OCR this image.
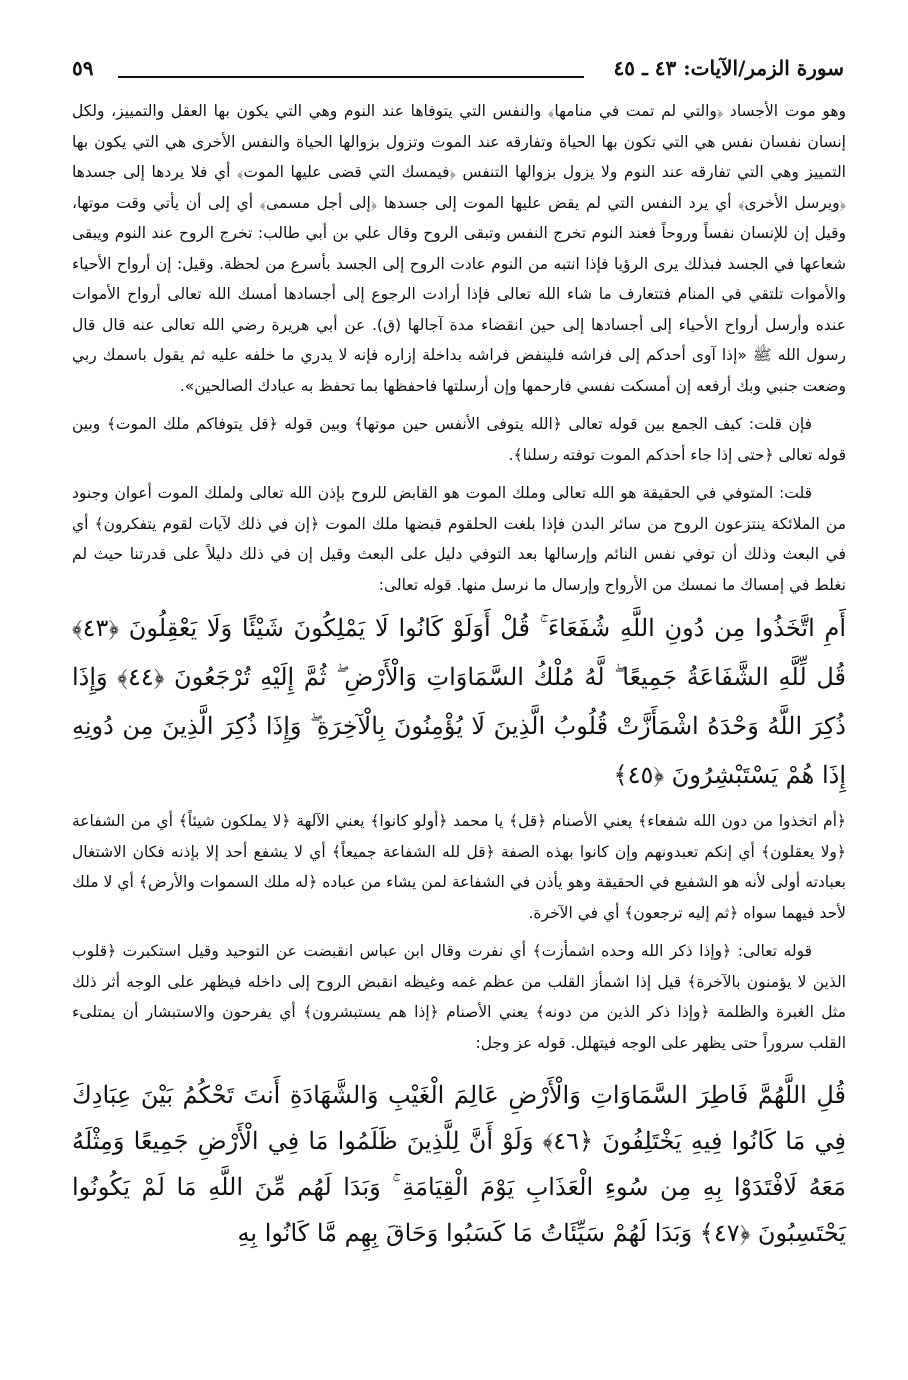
سورة الزمر/الآيات: ٤٣ ـ ٤٥
٥٩

وهو موت الأجساد ﴿والتي لم تمت في منامها﴾ والنفس التي يتوفاها عند النوم وهي التي يكون بها العقل والتمييز، ولكل إنسان نفسان نفس هي التي تكون بها الحياة وتفارقه عند الموت وتزول بزوالها الحياة والنفس الأخرى هي التي يكون بها التمييز وهي التي تفارقه عند النوم ولا يزول بزوالها التنفس ﴿فيمسك التي قضى عليها الموت﴾ أي فلا يردها إلى جسدها ﴿ويرسل الأخرى﴾ أي يرد النفس التي لم يقض عليها الموت إلى جسدها ﴿إلى أجل مسمى﴾ أي إلى أن يأتي وقت موتها، وقيل إن للإنسان نفساً وروحاً فعند النوم تخرج النفس وتبقى الروح وقال علي بن أبي طالب: تخرج الروح عند النوم ويبقى شعاعها في الجسد فبذلك يرى الرؤيا فإذا انتبه من النوم عادت الروح إلى الجسد بأسرع من لحظة. وقيل: إن أرواح الأحياء والأموات تلتقي في المنام فتتعارف ما شاء الله تعالى فإذا أرادت الرجوع إلى أجسادها أمسك الله تعالى أرواح الأموات عنده وأرسل أرواح الأحياء إلى أجسادها إلى حين انقضاء مدة آجالها (ق). عن أبي هريرة رضي الله تعالى عنه قال قال رسول الله ﷺ «إذا آوى أحدكم إلى فراشه فلينفض فراشه بداخلة إزاره فإنه لا يدري ما خلفه عليه ثم يقول باسمك ربي وضعت جنبي وبك أرفعه إن أمسكت نفسي فارحمها وإن أرسلتها فاحفظها بما تحفظ به عبادك الصالحين».

فإن قلت: كيف الجمع بين قوله تعالى ﴿الله يتوفى الأنفس حين موتها﴾ وبين قوله ﴿قل يتوفاكم ملك الموت﴾ وبين قوله تعالى ﴿حتى إذا جاء أحدكم الموت توفته رسلنا﴾.

قلت: المتوفي في الحقيقة هو الله تعالى وملك الموت هو القابض للروح بإذن الله تعالى ولملك الموت أعوان وجنود من الملائكة ينتزعون الروح من سائر البدن فإذا بلغت الحلقوم قبضها ملك الموت ﴿إن في ذلك لآيات لقوم يتفكرون﴾ أي في البعث وذلك أن توفي نفس النائم وإرسالها بعد التوفي دليل على البعث وقيل إن في ذلك دليلاً على قدرتنا حيث لم نغلط في إمساك ما نمسك من الأرواح وإرسال ما نرسل منها. قوله تعالى:

أَمِ اتَّخَذُوا مِن دُونِ اللَّهِ شُفَعَاءَ ۚ قُلْ أَوَلَوْ كَانُوا لَا يَمْلِكُونَ شَيْئًا وَلَا يَعْقِلُونَ ﴿٤٣﴾ قُل لِّلَّهِ الشَّفَاعَةُ جَمِيعًا ۖ لَّهُ مُلْكُ السَّمَاوَاتِ وَالْأَرْضِ ۖ ثُمَّ إِلَيْهِ تُرْجَعُونَ ﴿٤٤﴾ وَإِذَا ذُكِرَ اللَّهُ وَحْدَهُ اشْمَأَزَّتْ قُلُوبُ الَّذِينَ لَا يُؤْمِنُونَ بِالْآخِرَةِ ۖ وَإِذَا ذُكِرَ الَّذِينَ مِن دُونِهِ إِذَا هُمْ يَسْتَبْشِرُونَ ﴿٤٥﴾

﴿أم اتخذوا من دون الله شفعاء﴾ يعني الأصنام ﴿قل﴾ يا محمد ﴿أولو كانوا﴾ يعني الآلهة ﴿لا يملكون شيئاً﴾ أي من الشفاعة ﴿ولا يعقلون﴾ أي إنكم تعبدونهم وإن كانوا بهذه الصفة ﴿قل لله الشفاعة جميعاً﴾ أي لا يشفع أحد إلا بإذنه فكان الاشتغال بعبادته أولى لأنه هو الشفيع في الحقيقة وهو يأذن في الشفاعة لمن يشاء من عباده ﴿له ملك السموات والأرض﴾ أي لا ملك لأحد فيهما سواه ﴿ثم إليه ترجعون﴾ أي في الآخرة.

قوله تعالى: ﴿وإذا ذكر الله وحده اشمأزت﴾ أي نفرت وقال ابن عباس انقبضت عن التوحيد وقيل استكبرت ﴿قلوب الذين لا يؤمنون بالآخرة﴾ قيل إذا اشمأز القلب من عظم غمه وغيظه انقبض الروح إلى داخله فيظهر على الوجه أثر ذلك مثل الغبرة والظلمة ﴿وإذا ذكر الذين من دونه﴾ يعني الأصنام ﴿إذا هم يستبشرون﴾ أي يفرحون والاستبشار أن يمتلىء القلب سروراً حتى يظهر على الوجه فيتهلل. قوله عز وجل:

قُلِ اللَّهُمَّ فَاطِرَ السَّمَاوَاتِ وَالْأَرْضِ عَالِمَ الْغَيْبِ وَالشَّهَادَةِ أَنتَ تَحْكُمُ بَيْنَ عِبَادِكَ فِي مَا كَانُوا فِيهِ يَخْتَلِفُونَ ﴿٤٦﴾ وَلَوْ أَنَّ لِلَّذِينَ ظَلَمُوا مَا فِي الْأَرْضِ جَمِيعًا وَمِثْلَهُ مَعَهُ لَافْتَدَوْا بِهِ مِن سُوءِ الْعَذَابِ يَوْمَ الْقِيَامَةِ ۚ وَبَدَا لَهُم مِّنَ اللَّهِ مَا لَمْ يَكُونُوا يَحْتَسِبُونَ ﴿٤٧﴾ وَبَدَا لَهُمْ سَيِّئَاتُ مَا كَسَبُوا وَحَاقَ بِهِم مَّا كَانُوا بِهِ
